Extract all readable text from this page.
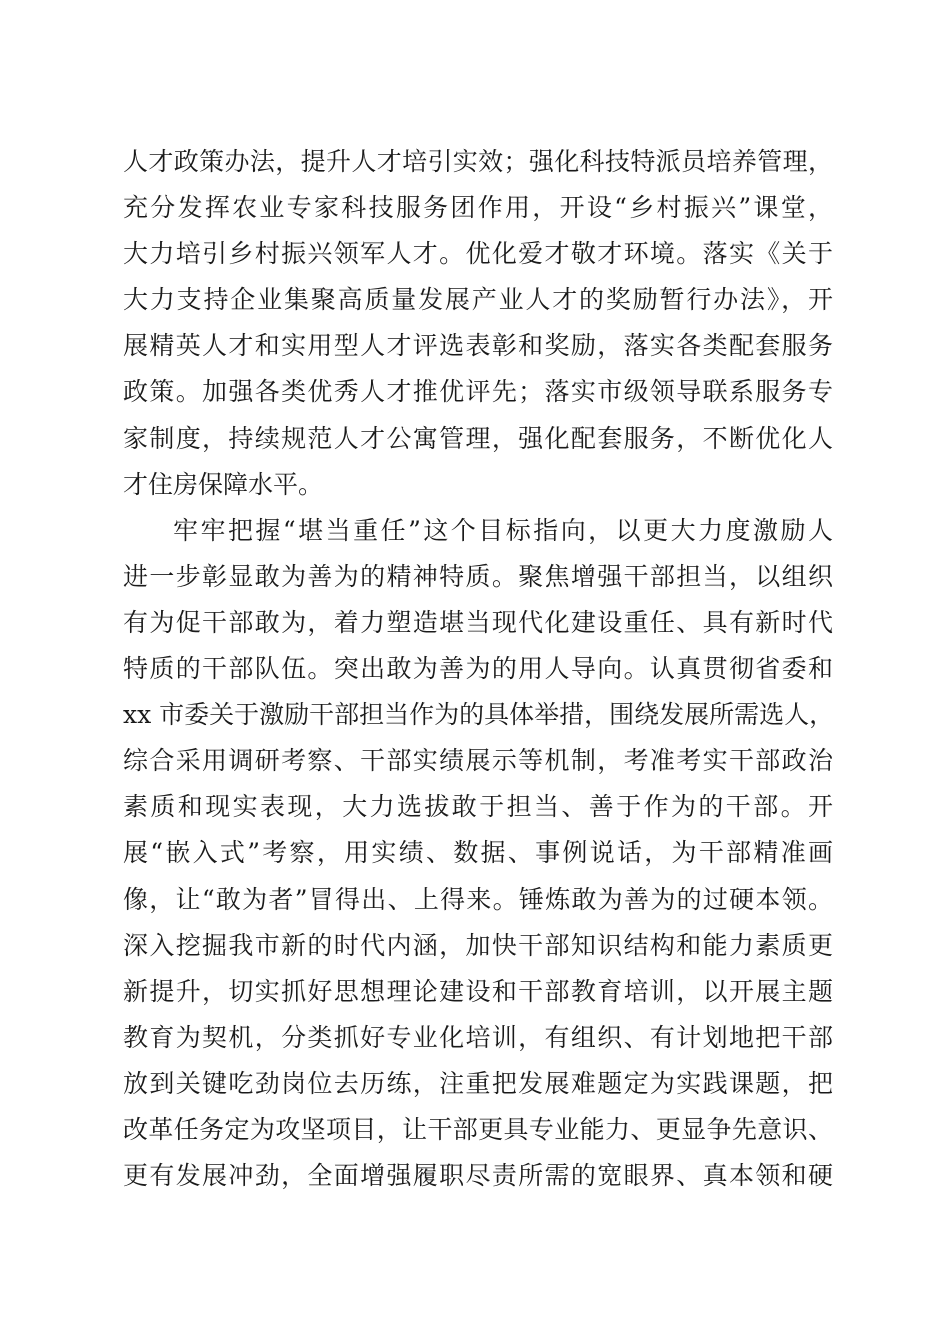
人才政策办法，提升人才培引实效；强化科技特派员培养管理，
充分发挥农业专家科技服务团作用，开设“乡村振兴”课堂，
大力培引乡村振兴领军人才。优化爱才敬才环境。落实《关于
大力支持企业集聚高质量发展产业人才的奖励暂行办法》，开
展精英人才和实用型人才评选表彰和奖励，落实各类配套服务
政策。加强各类优秀人才推优评先；落实市级领导联系服务专
家制度，持续规范人才公寓管理，强化配套服务，不断优化人
才住房保障水平。
牢牢把握“堪当重任”这个目标指向，以更大力度激励人
进一步彰显敢为善为的精神特质。聚焦增强干部担当，以组织
有为促干部敢为，着力塑造堪当现代化建设重任、具有新时代
特质的干部队伍。突出敢为善为的用人导向。认真贯彻省委和
xx 市委关于激励干部担当作为的具体举措，围绕发展所需选人，
综合采用调研考察、干部实绩展示等机制，考准考实干部政治
素质和现实表现，大力选拔敢于担当、善于作为的干部。开
展“嵌入式”考察，用实绩、数据、事例说话，为干部精准画
像，让“敢为者”冒得出、上得来。锤炼敢为善为的过硬本领。
深入挖掘我市新的时代内涵，加快干部知识结构和能力素质更
新提升，切实抓好思想理论建设和干部教育培训，以开展主题
教育为契机，分类抓好专业化培训，有组织、有计划地把干部
放到关键吃劲岗位去历练，注重把发展难题定为实践课题，把
改革任务定为攻坚项目，让干部更具专业能力、更显争先意识、
更有发展冲劲，全面增强履职尽责所需的宽眼界、真本领和硬
